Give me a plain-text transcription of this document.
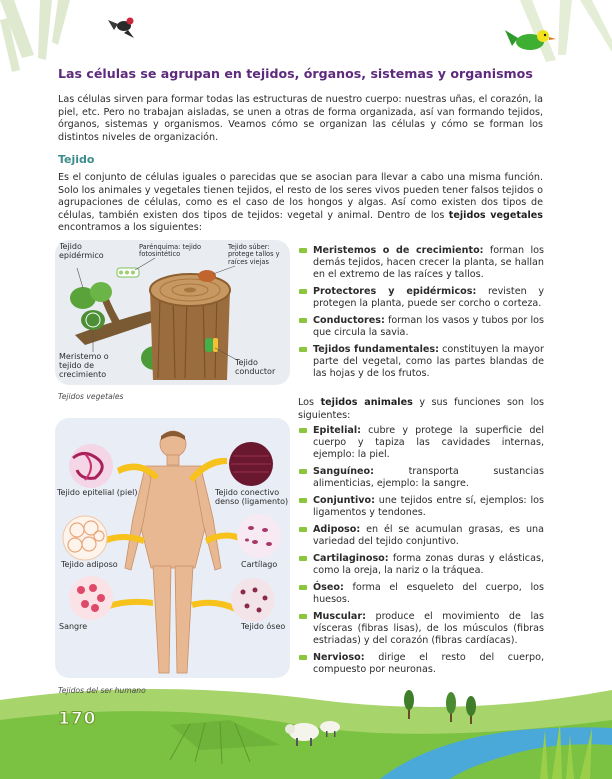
Las células se agrupan en tejidos, órganos, sistemas y organismos

Las células sirven para formar todas las estructuras de nuestro cuerpo: nuestras uñas, el corazón, la piel, etc. Pero no trabajan aisladas, se unen a otras de forma organizada, así van formando tejidos, órganos, sistemas y organismos. Veamos cómo se organizan las células y cómo se forman los distintos niveles de organización.

Tejido

Es el conjunto de células iguales o parecidas que se asocian para llevar a cabo una misma función. Solo los animales y vegetales tienen tejidos, el resto de los seres vivos pueden tener falsos tejidos o agrupaciones de células, como es el caso de los hongos y algas. Así como existen dos tipos de células, también existen dos tipos de tejidos: vegetal y animal. Dentro de los tejidos vegetales encontramos a los siguientes:

Tejido epidérmico
Parénquima: tejido fotosintético
Tejido súber: protege tallos y raíces viejas
Meristemo o tejido de crecimiento
Tejido conductor
Tejidos vegetales
Tejido epitelial (piel)	Tejido conectivo denso (ligamento)
Tejido adiposo	Cartílago
Sangre	Tejido óseo
Tejidos del ser humano
Meristemos o de crecimiento: forman los demás tejidos, hacen crecer la planta, se hallan en el extremo de las raíces y tallos.
Protectores y epidérmicos: revisten y protegen la planta, puede ser corcho o corteza.
Conductores: forman los vasos y tubos por los que circula la savia.
Tejidos fundamentales: constituyen la mayor parte del vegetal, como las partes blandas de las hojas y de los frutos.

Los tejidos animales y sus funciones son los siguientes:

Epitelial: cubre y protege la superficie del cuerpo y tapiza las cavidades internas, ejemplo: la piel.
Sanguíneo: transporta sustancias alimenticias, ejemplo: la sangre.
Conjuntivo: une tejidos entre sí, ejemplos: los ligamentos y tendones.
Adiposo: en él se acumulan grasas, es una variedad del tejido conjuntivo.
Cartilaginoso: forma zonas duras y elásticas, como la oreja, la nariz o la tráquea.
Óseo: forma el esqueleto del cuerpo, los huesos.
Muscular: produce el movimiento de las vísceras (fibras lisas), de los músculos (fibras estriadas) y del corazón (fibras cardíacas).
Nervioso: dirige el resto del cuerpo, compuesto por neuronas.
170
